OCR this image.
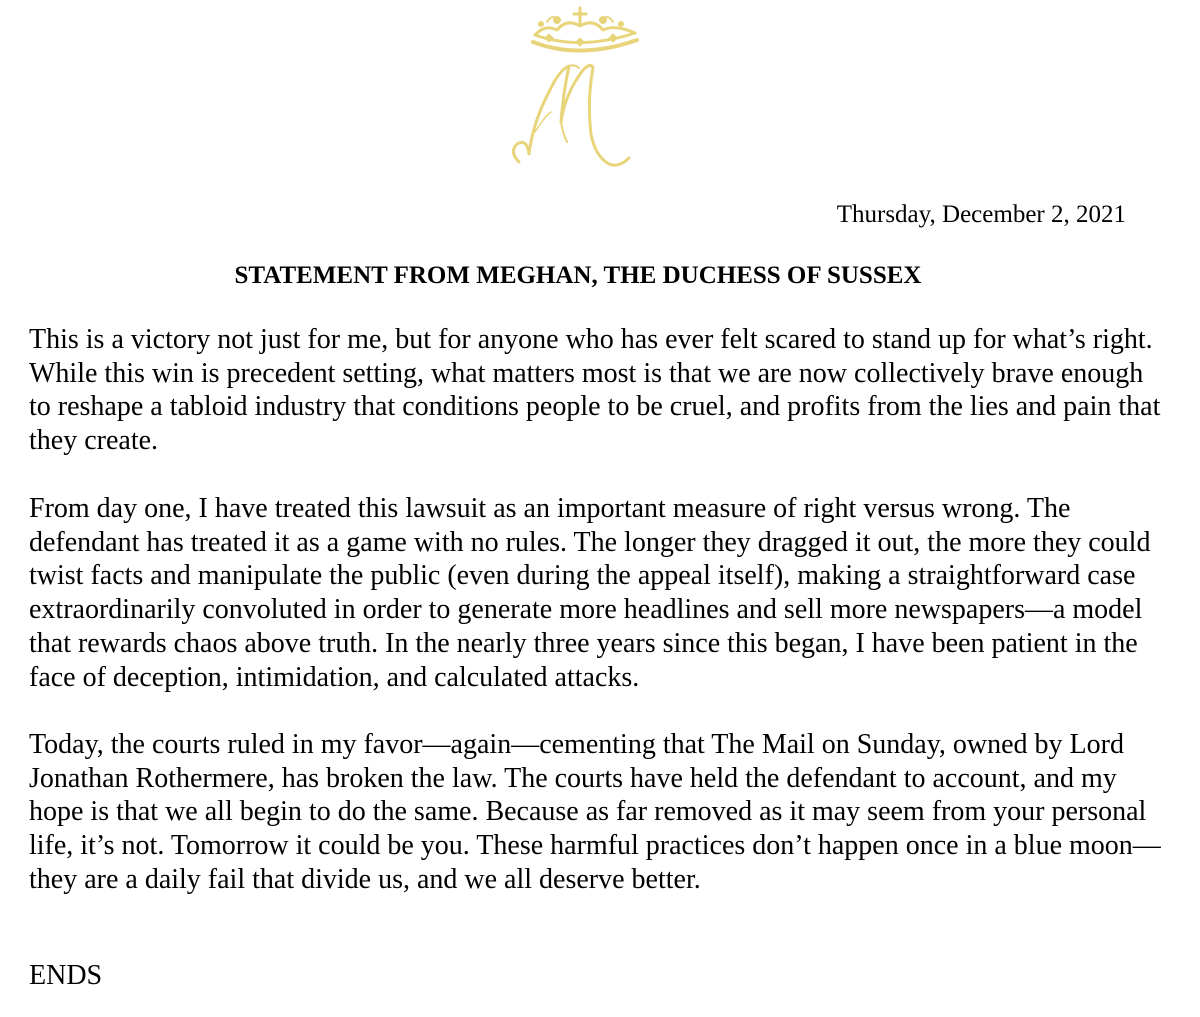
Thursday, December 2, 2021
STATEMENT FROM MEGHAN, THE DUCHESS OF SUSSEX

This is a victory not just for me, but for anyone who has ever felt scared to stand up for what’s right. While this win is precedent setting, what matters most is that we are now collectively brave enough to reshape a tabloid industry that conditions people to be cruel, and profits from the lies and pain that they create.

From day one, I have treated this lawsuit as an important measure of right versus wrong. The defendant has treated it as a game with no rules. The longer they dragged it out, the more they could twist facts and manipulate the public (even during the appeal itself), making a straightforward case extraordinarily convoluted in order to generate more headlines and sell more newspapers—a model that rewards chaos above truth. In the nearly three years since this began, I have been patient in the face of deception, intimidation, and calculated attacks.

Today, the courts ruled in my favor—again—cementing that The Mail on Sunday, owned by Lord Jonathan Rothermere, has broken the law. The courts have held the defendant to account, and my hope is that we all begin to do the same. Because as far removed as it may seem from your personal life, it’s not. Tomorrow it could be you. These harmful practices don’t happen once in a blue moon—they are a daily fail that divide us, and we all deserve better.

ENDS
